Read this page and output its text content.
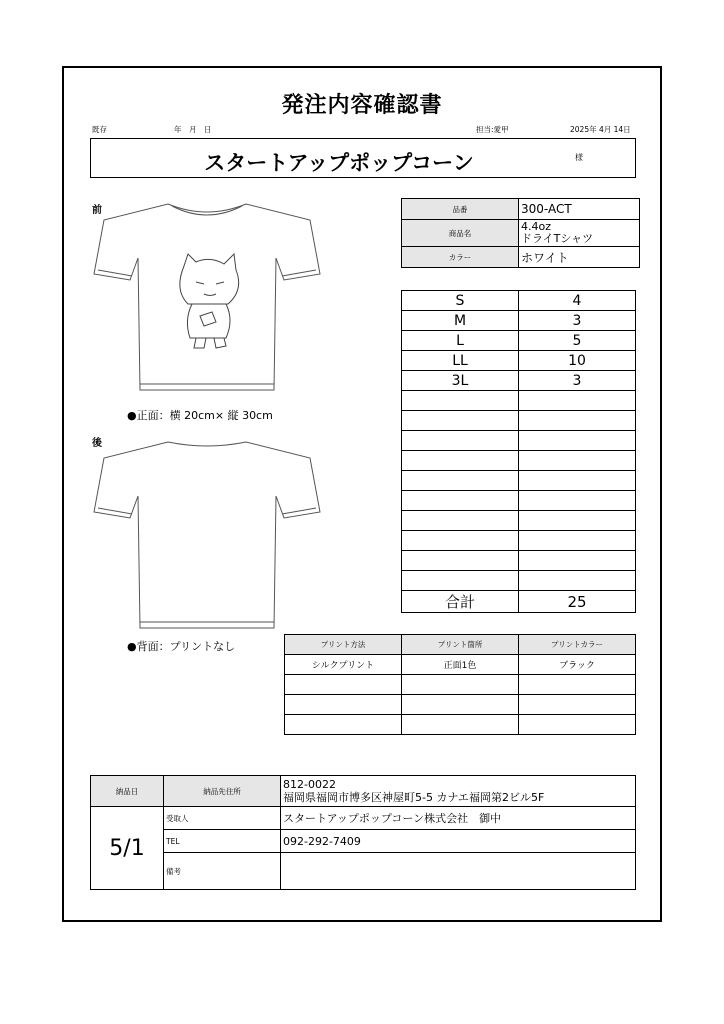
発注内容確認書
既存	年　月　日	担当:愛甲	2025年 4月 14日
スタートアップポップコーン	様
前
後
●正面：横 20cm× 縦 30cm
●背面：プリントなし
品番	300-ACT
商品名	4.4oz
ドライTシャツ

カラー	ホワイト
S	4
M	3
L	5
LL	10
3L	3

合計	25
プリント方法	プリント箇所	プリントカラー
シルクプリント	正面1色	ブラック

納品日	納品先住所	812-0022
福岡県福岡市博多区神屋町5-5 カナエ福岡第2ビル5F

5/1	受取人	スタートアップポップコーン株式会社　御中
	TEL	092-292-7409
	備考	
